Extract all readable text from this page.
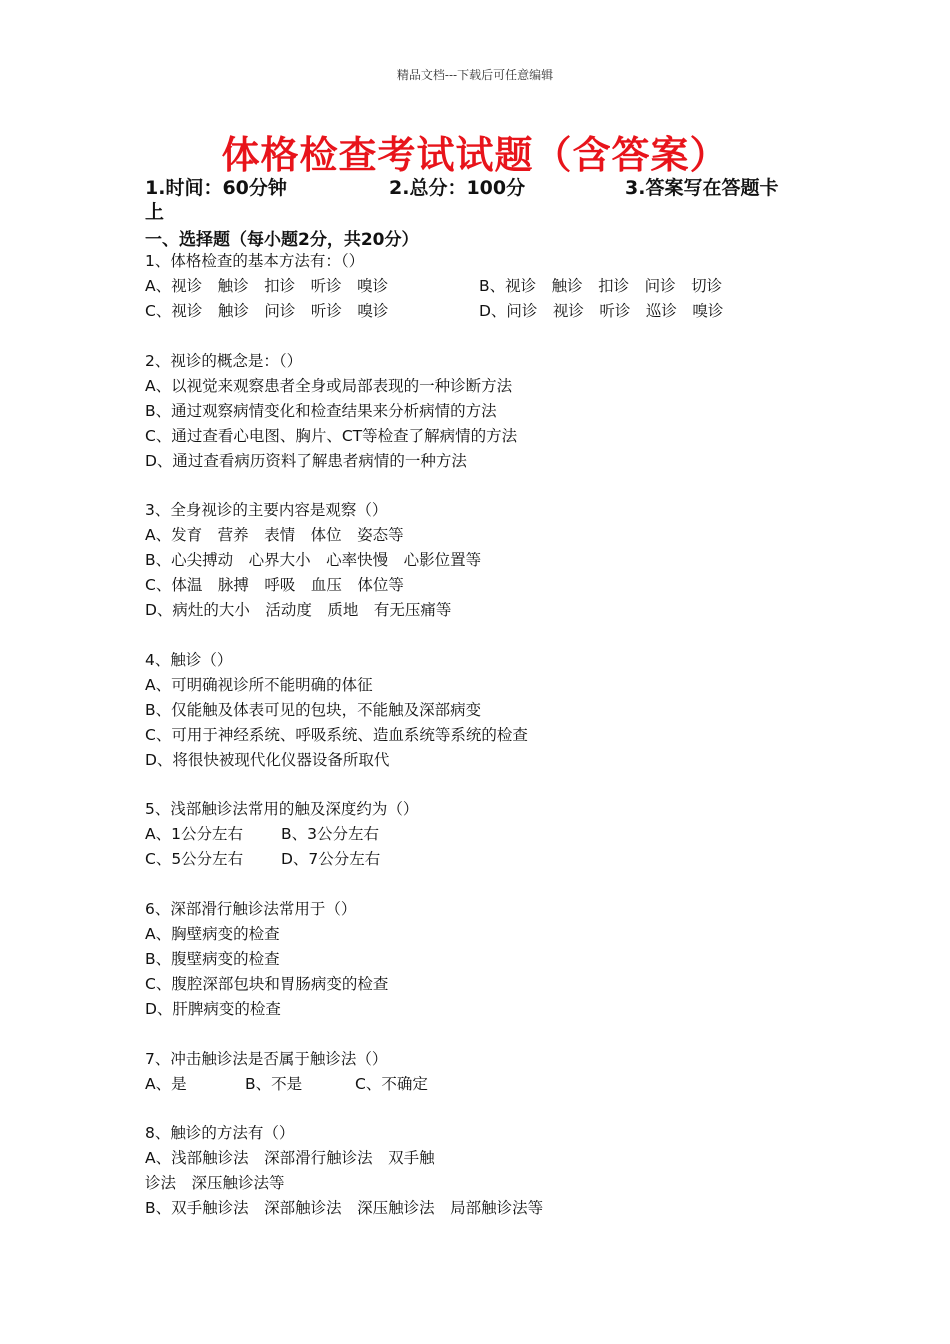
精品文档---下载后可任意编辑
体格检查考试试题（含答案）
1.时间：60分钟	2.总分：100分	3.答案写在答题卡
上
一、选择题（每小题2分，共20分）
1、体格检查的基本方法有：（）
A、视诊　触诊　扣诊　听诊　嗅诊	B、视诊　触诊　扣诊　问诊　切诊
C、视诊　触诊　问诊　听诊　嗅诊	D、问诊　视诊　听诊　巡诊　嗅诊
2、视诊的概念是：（）
A、以视觉来观察患者全身或局部表现的一种诊断方法
B、通过观察病情变化和检查结果来分析病情的方法
C、通过查看心电图、胸片、CT等检查了解病情的方法
D、通过查看病历资料了解患者病情的一种方法
3、全身视诊的主要内容是观察（）
A、发育　营养　表情　体位　姿态等
B、心尖搏动　心界大小　心率快慢　心影位置等
C、体温　脉搏　呼吸　血压　体位等
D、病灶的大小　活动度　质地　有无压痛等
4、触诊（）
A、可明确视诊所不能明确的体征
B、仅能触及体表可见的包块，不能触及深部病变
C、可用于神经系统、呼吸系统、造血系统等系统的检查
D、将很快被现代化仪器设备所取代
5、浅部触诊法常用的触及深度约为（）
A、1公分左右 B、3公分左右
C、5公分左右 D、7公分左右
6、深部滑行触诊法常用于（）
A、胸壁病变的检查
B、腹壁病变的检查
C、腹腔深部包块和胃肠病变的检查
D、肝脾病变的检查
7、冲击触诊法是否属于触诊法（）
A、是	B、不是	C、不确定
8、触诊的方法有（）
A、浅部触诊法　深部滑行触诊法　双手触
诊法　深压触诊法等
B、双手触诊法　深部触诊法　深压触诊法　局部触诊法等
